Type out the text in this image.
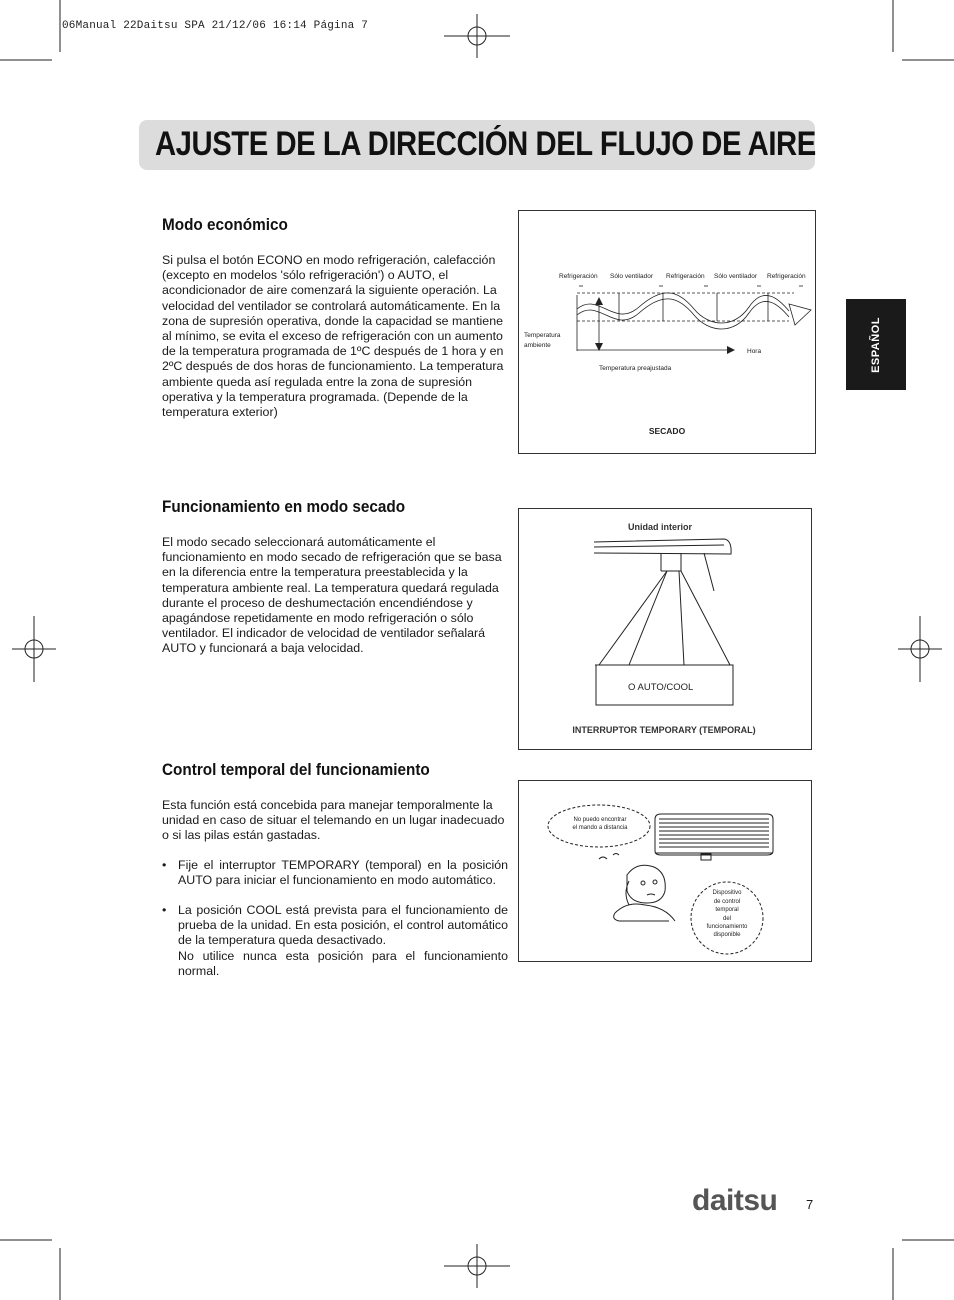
06Manual 22Daitsu SPA 21/12/06 16:14 Página 7
AJUSTE DE LA DIRECCIÓN DEL FLUJO DE AIRE
ESPAÑOL
Modo económico

Si pulsa el botón ECONO en modo refrigeración, calefacción (excepto en modelos 'sólo refrigeración') o AUTO, el acondicionador de aire comenzará la siguiente operación. La velocidad del ventilador se controlará automáticamente. En la zona de supresión operativa, donde la capacidad se mantiene al mínimo, se evita el exceso de refrigeración con un aumento de la temperatura programada de 1ºC después de 1 hora y en 2ºC después de dos horas de funcionamiento. La temperatura ambiente queda así regulada entre la zona de supresión operativa y la temperatura programada. (Depende de la temperatura exterior)

Refrigeración Sólo ventilador Refrigeración Sólo ventilador Refrigeración
Temperatura
ambiente
Hora
Temperatura preajustada
SECADO
Funcionamiento en modo secado

El modo secado seleccionará automáticamente el funcionamiento en modo secado de refrigeración que se basa en la diferencia entre la temperatura preestablecida y la temperatura ambiente real. La temperatura quedará regulada durante el proceso de deshumectación encendiéndose y apagándose repetidamente en modo refrigeración o sólo ventilador. El indicador de velocidad de ventilador señalará AUTO y funcionará a baja velocidad.

Unidad interior
O AUTO/COOL
INTERRUPTOR TEMPORARY (TEMPORAL)
Control temporal del funcionamiento

Esta función está concebida para manejar temporalmente la unidad en caso de situar el telemando en un lugar inadecuado o si las pilas están gastadas.

• Fije el interruptor TEMPORARY (temporal) en la posición AUTO para iniciar el funcionamiento en modo automático.
• La posición COOL está prevista para el funcionamiento de prueba de la unidad. En esta posición, el control automático de la temperatura queda desactivado.
No utilice nunca esta posición para el funcionamiento normal.
No puedo encontrar
el mando a distancia
Dispositivo
de control
temporal
del
funcionamiento
disponible
daitsu 7
